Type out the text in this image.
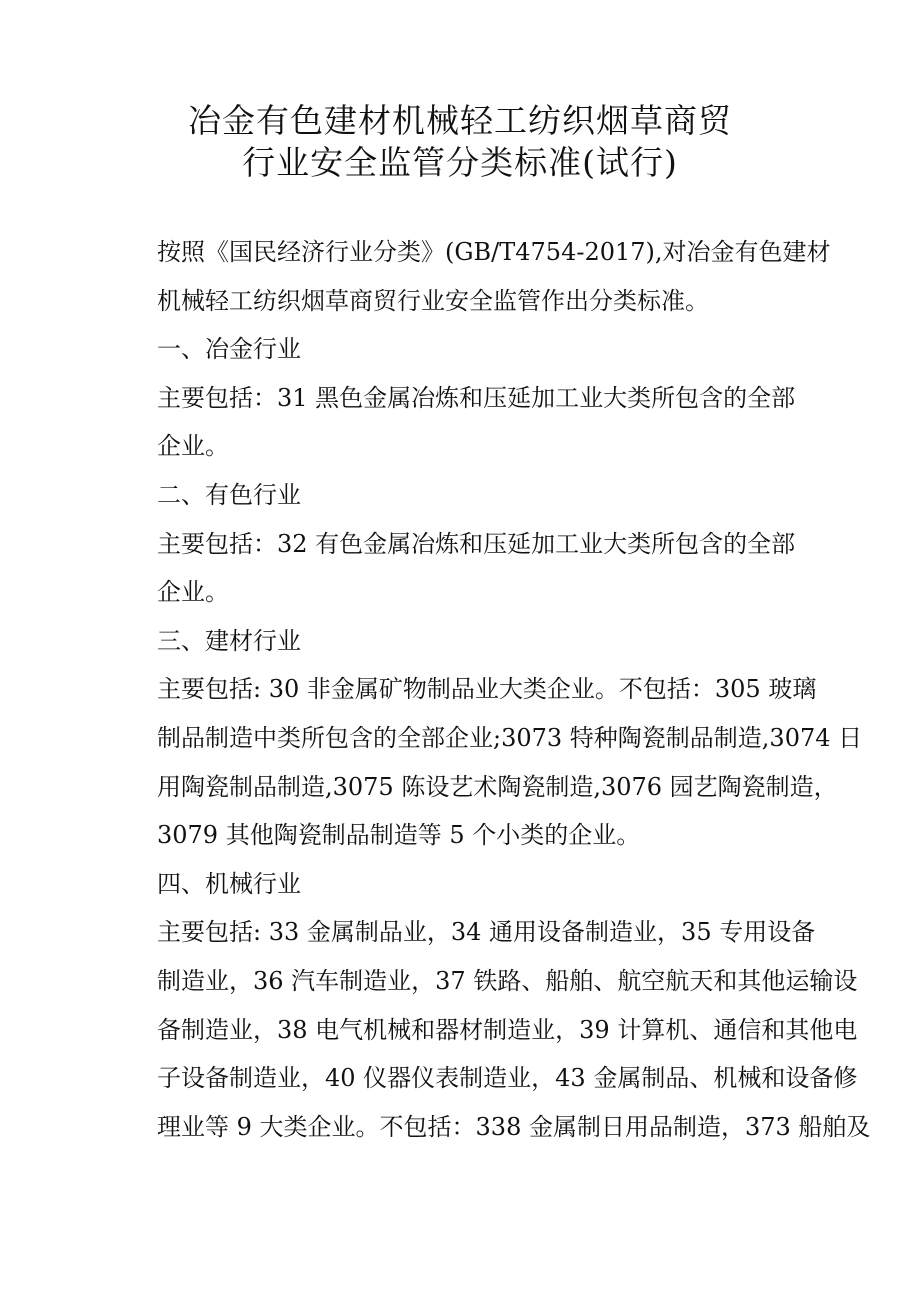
冶金有色建材机械轻工纺织烟草商贸
行业安全监管分类标准(试行)

按照《国民经济行业分类》(GB/T4754-2017),对冶金有色建材
机械轻工纺织烟草商贸行业安全监管作出分类标准。

一、冶金行业

主要包括：31 黑色金属冶炼和压延加工业大类所包含的全部
企业。

二、有色行业

主要包括：32 有色金属冶炼和压延加工业大类所包含的全部
企业。

三、建材行业

主要包括: 30 非金属矿物制品业大类企业。不包括：305 玻璃
制品制造中类所包含的全部企业;3073 特种陶瓷制品制造,3074 日
用陶瓷制品制造,3075 陈设艺术陶瓷制造,3076 园艺陶瓷制造，
3079 其他陶瓷制品制造等 5 个小类的企业。

四、机械行业

主要包括: 33 金属制品业，34 通用设备制造业，35 专用设备
制造业，36 汽车制造业，37 铁路、船舶、航空航天和其他运输设
备制造业，38 电气机械和器材制造业，39 计算机、通信和其他电
子设备制造业，40 仪器仪表制造业，43 金属制品、机械和设备修
理业等 9 大类企业。不包括：338 金属制日用品制造，373 船舶及
